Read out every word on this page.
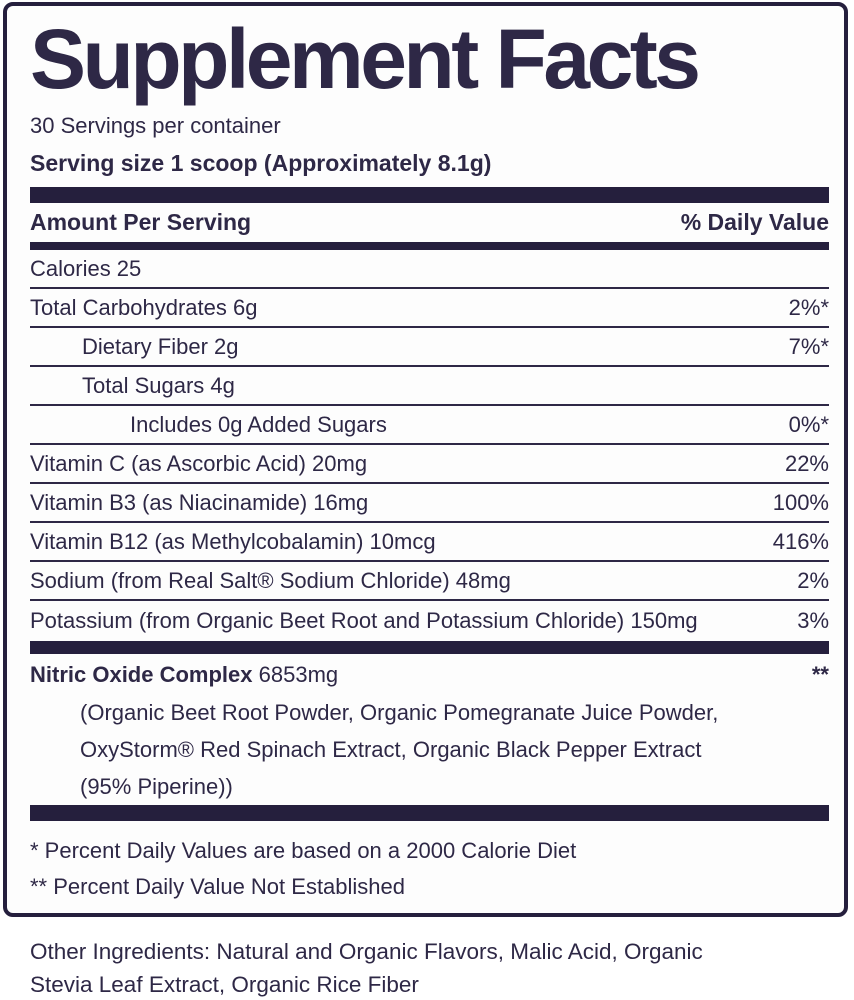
Supplement Facts
30 Servings per container
Serving size 1 scoop (Approximately 8.1g)
Amount Per Serving	% Daily Value
Calories 25
Total Carbohydrates 6g	2%*
Dietary Fiber 2g	7%*
Total Sugars 4g
Includes 0g Added Sugars	0%*
Vitamin C (as Ascorbic Acid) 20mg	22%
Vitamin B3 (as Niacinamide) 16mg	100%
Vitamin B12 (as Methylcobalamin) 10mcg	416%
Sodium (from Real Salt® Sodium Chloride) 48mg	2%
Potassium (from Organic Beet Root and Potassium Chloride) 150mg	3%
Nitric Oxide Complex 6853mg	**
(Organic Beet Root Powder, Organic Pomegranate Juice Powder,
OxyStorm® Red Spinach Extract, Organic Black Pepper Extract
(95% Piperine))
* Percent Daily Values are based on a 2000 Calorie Diet
** Percent Daily Value Not Established
Other Ingredients: Natural and Organic Flavors, Malic Acid, Organic
Stevia Leaf Extract, Organic Rice Fiber
